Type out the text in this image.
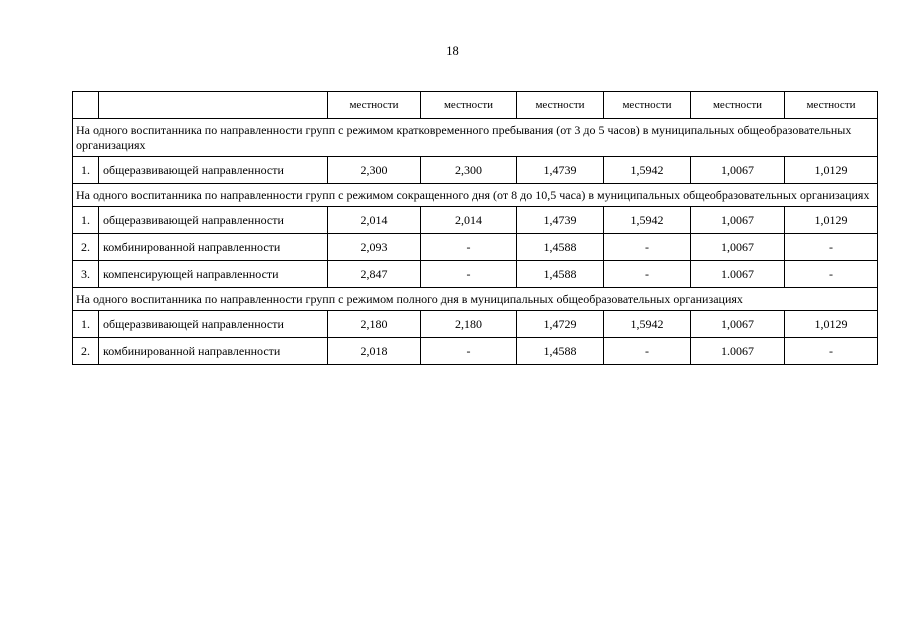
18
		местности	местности	местности	местности	местности	местности
На одного воспитанника по направленности групп с режимом кратковременного пребывания (от 3 до 5 часов) в муниципальных общеобразовательных организациях							
1.	общеразвивающей направленности	2,300	2,300	1,4739	1,5942	1,0067	1,0129
На одного воспитанника по направленности групп с режимом сокращенного дня (от 8 до 10,5 часа) в муниципальных общеобразовательных организациях							
1.	общеразвивающей направленности	2,014	2,014	1,4739	1,5942	1,0067	1,0129
2.	комбинированной направленности	2,093	-	1,4588	-	1,0067	-
3.	компенсирующей направленности	2,847	-	1,4588	-	1.0067	-
На одного воспитанника по направленности групп с режимом полного дня в муниципальных общеобразовательных организациях							
1.	общеразвивающей направленности	2,180	2,180	1,4729	1,5942	1,0067	1,0129
2.	комбинированной направленности	2,018	-	1,4588	-	1.0067	-
